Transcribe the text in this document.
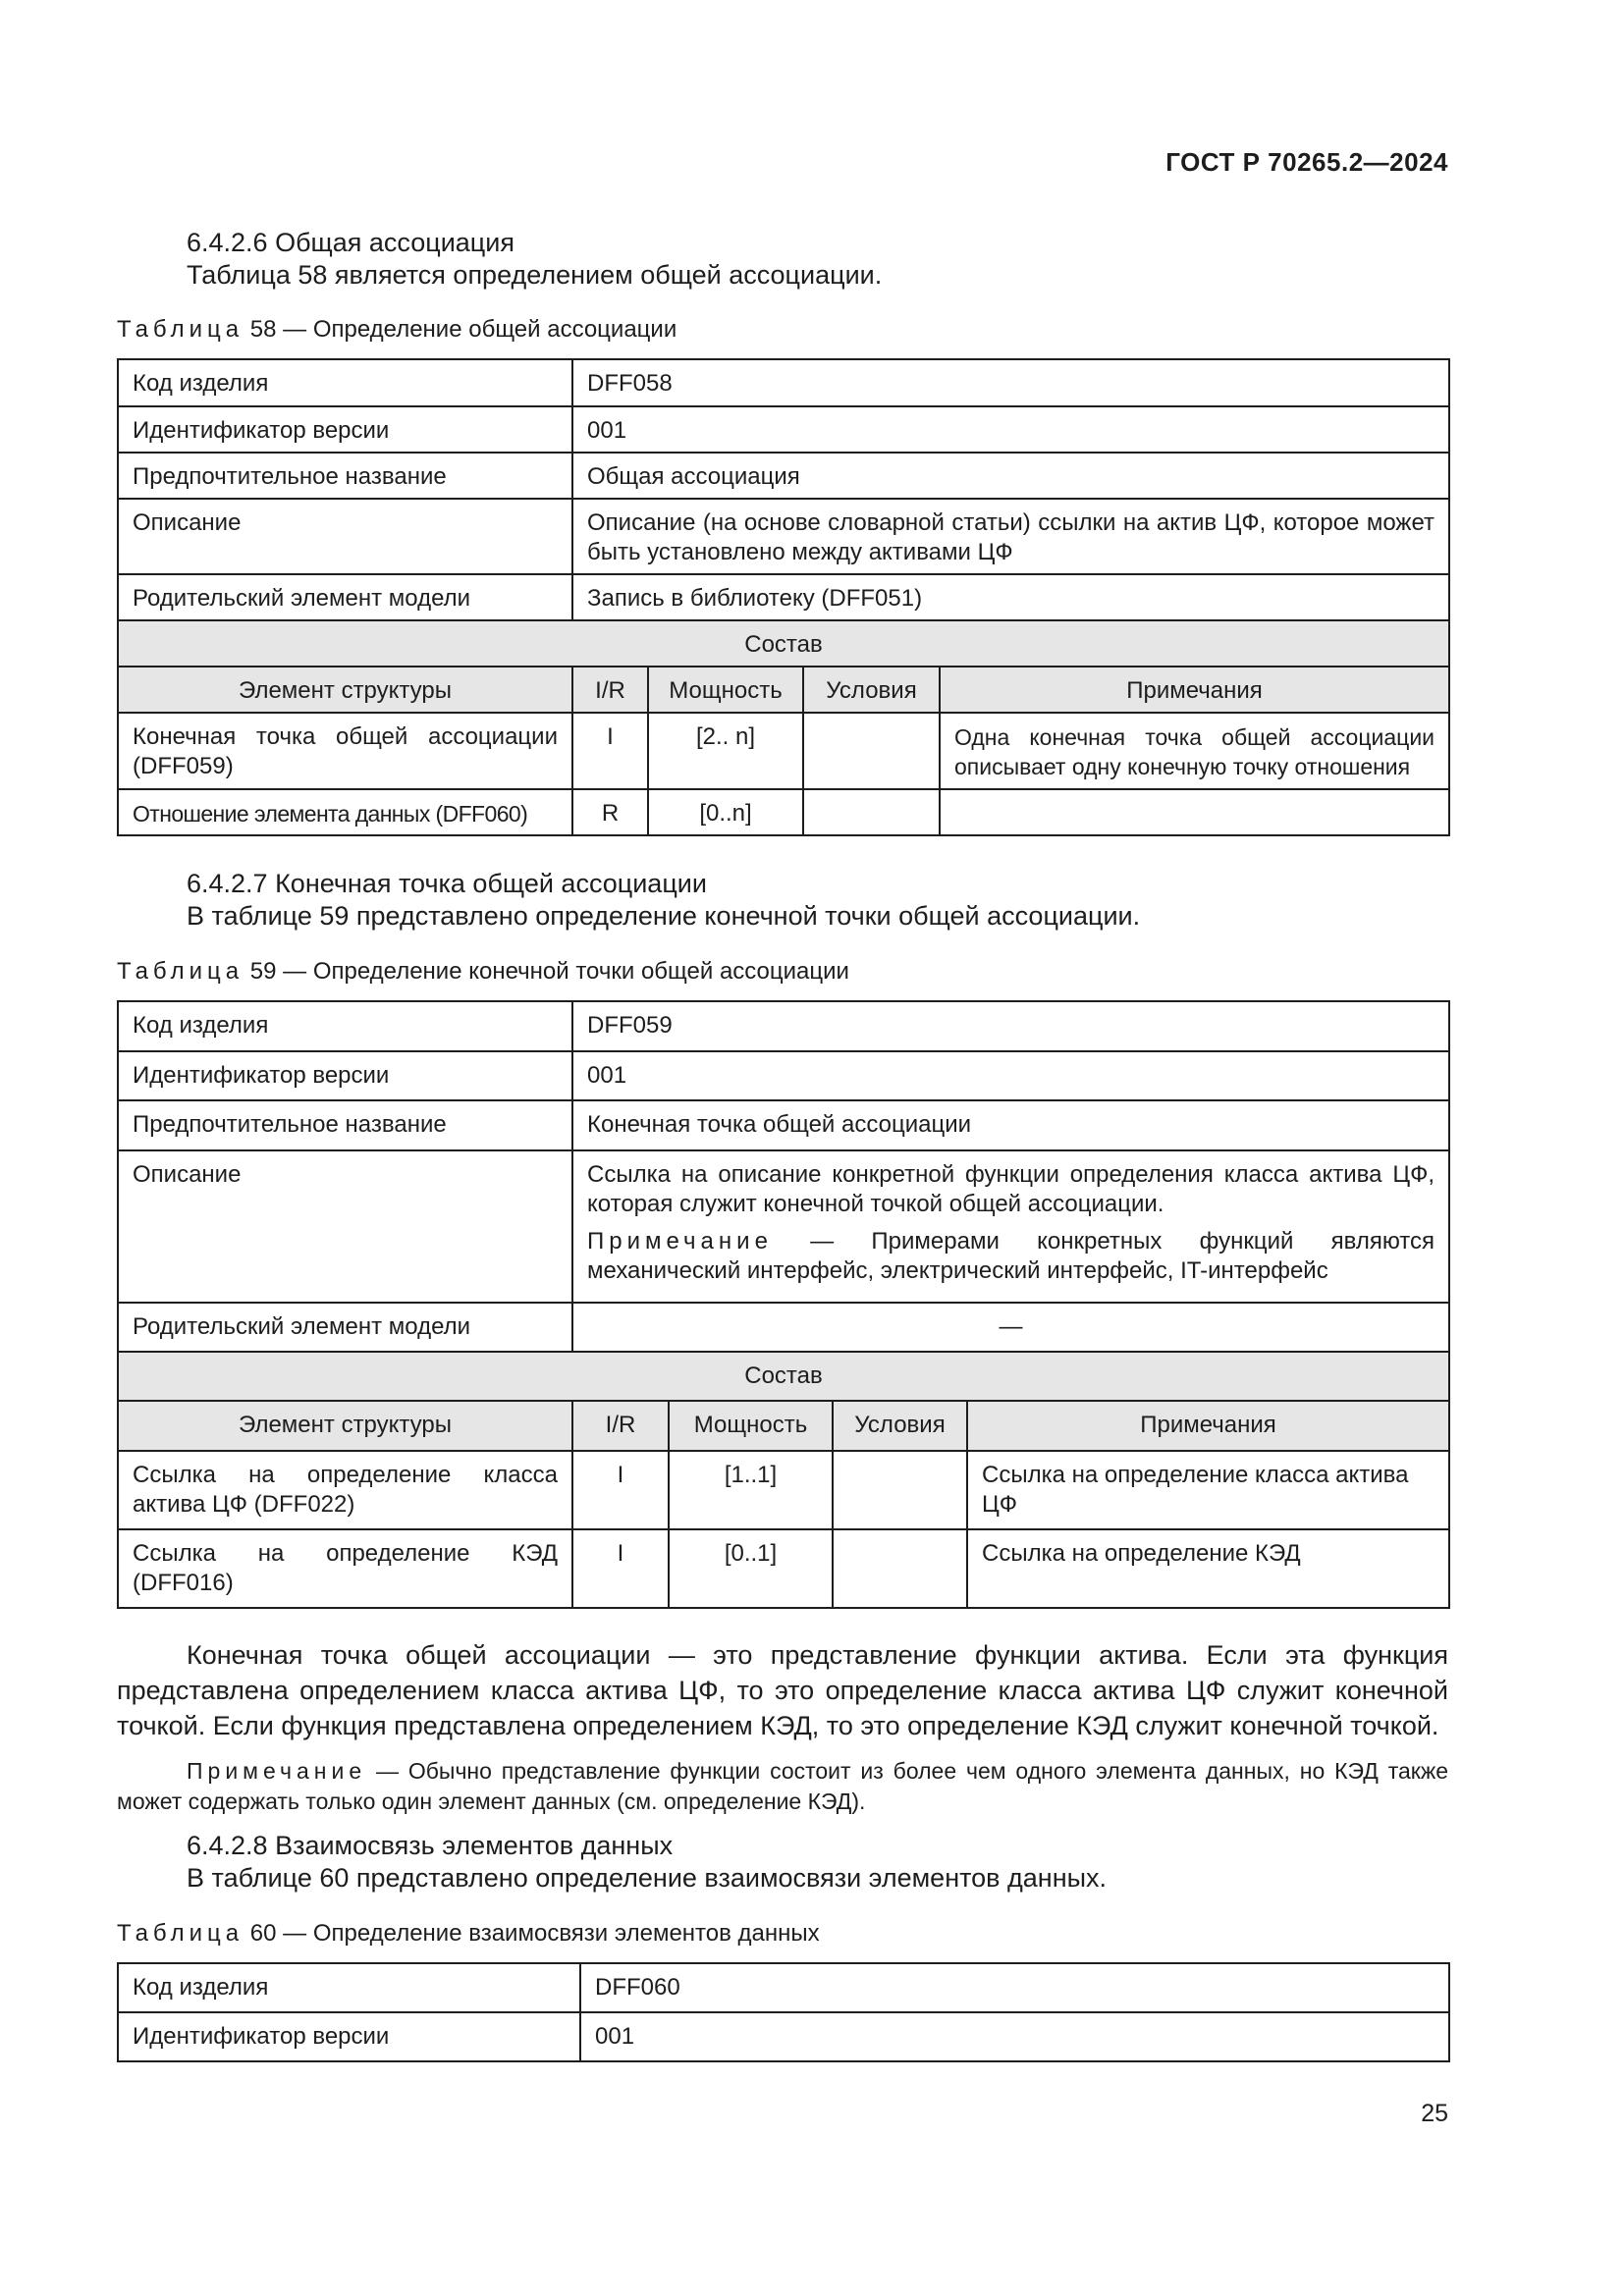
ГОСТ Р 70265.2—2024

6.4.2.6 Общая ассоциация

Таблица 58 является определением общей ассоциации.

Таблица 58 — Определение общей ассоциации

Код изделия	DFF058			
Идентификатор версии	001			
Предпочтительное название	Общая ассоциация			
Описание	Описание (на основе словарной статьи) ссылки на актив ЦФ, которое может быть установлено между активами ЦФ			
Родительский элемент модели	Запись в библиотеку (DFF051)			
Состав				
Элемент структуры	I/R	Мощность	Условия	Примечания
Конечная точка общей ассоциации (DFF059)	I	[2.. n]		Одна конечная точка общей ассоциации описывает одну конечную точку отношения
Отношение элемента данных (DFF060)	R	[0..n]		

6.4.2.7 Конечная точка общей ассоциации

В таблице 59 представлено определение конечной точки общей ассоциации.

Таблица 59 — Определение конечной точки общей ассоциации

Код изделия	DFF059			
Идентификатор версии	001			
Предпочтительное название	Конечная точка общей ассоциации			
Описание	Ссылка на описание конкретной функции определения класса актива ЦФ, которая служит конечной точкой общей ассоциации.
Примечание — Примерами конкретных функций являются механический интерфейс, электрический интерфейс, IT-интерфейс			

Родительский элемент модели	—			
Состав				
Элемент структуры	I/R	Мощность	Условия	Примечания
Ссылка на определение класса актива ЦФ (DFF022)	I	[1..1]		Ссылка на определение класса актива ЦФ
Ссылка на определение КЭД (DFF016)	I	[0..1]		Ссылка на определение КЭД

Конечная точка общей ассоциации — это представление функции актива. Если эта функция представлена определением класса актива ЦФ, то это определение класса актива ЦФ служит конечной точкой. Если функция представлена определением КЭД, то это определение КЭД служит конечной точкой.

Примечание — Обычно представление функции состоит из более чем одного элемента данных, но КЭД также может содержать только один элемент данных (см. определение КЭД).

6.4.2.8 Взаимосвязь элементов данных

В таблице 60 представлено определение взаимосвязи элементов данных.

Таблица 60 — Определение взаимосвязи элементов данных

Код изделия	DFF060
Идентификатор версии	001
25
